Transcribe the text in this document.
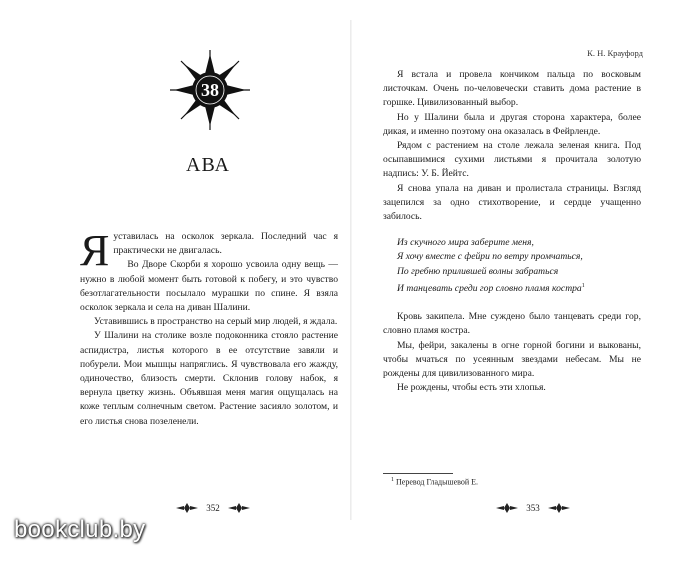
38
АВА

Я уставилась на осколок зеркала. Последний час я практически не двигалась.

Во Дворе Скорби я хорошо усвоила одну вещь — нужно в любой момент быть готовой к побегу, и это чувство безотлагательности посылало мурашки по спине. Я взяла осколок зеркала и села на диван Шалини.

Уставившись в пространство на серый мир людей, я ждала.

У Шалини на столике возле подоконника стояло растение аспидистра, листья которого в ее отсутствие завяли и побурели. Мои мышцы напряглись. Я чувствовала его жажду, одиночество, близость смерти. Склонив голову набок, я вернула цветку жизнь. Объявшая меня магия ощущалась на коже теплым солнечным светом. Растение засияло золотом, и его листья снова позеленели.

352
К. Н. Крауфорд

Я встала и провела кончиком пальца по восковым листочкам. Очень по-человечески ставить дома растение в горшке. Цивилизованный выбор.

Но у Шалини была и другая сторона характера, более дикая, и именно поэтому она оказалась в Фейрленде.

Рядом с растением на столе лежала зеленая книга. Под осыпавшимися сухими листьями я прочитала золотую надпись: У. Б. Йейтс.

Я снова упала на диван и пролистала страницы. Взгляд зацепился за одно стихотворение, и сердце учащенно забилось.

Из скучного мира заберите меня,
Я хочу вместе с фейри по ветру промчаться,
По гребню прилившей волны забраться
И танцевать среди гор словно пламя костра$^1$

Кровь закипела. Мне суждено было танцевать среди гор, словно пламя костра.

Мы, фейри, закалены в огне горной богини и выкованы, чтобы мчаться по усеянным звездами небесам. Мы не рождены для цивилизованного мира.

Не рождены, чтобы есть эти хлопья.

$^1$ Перевод Гладышевой Е.
353
bookclub.by
